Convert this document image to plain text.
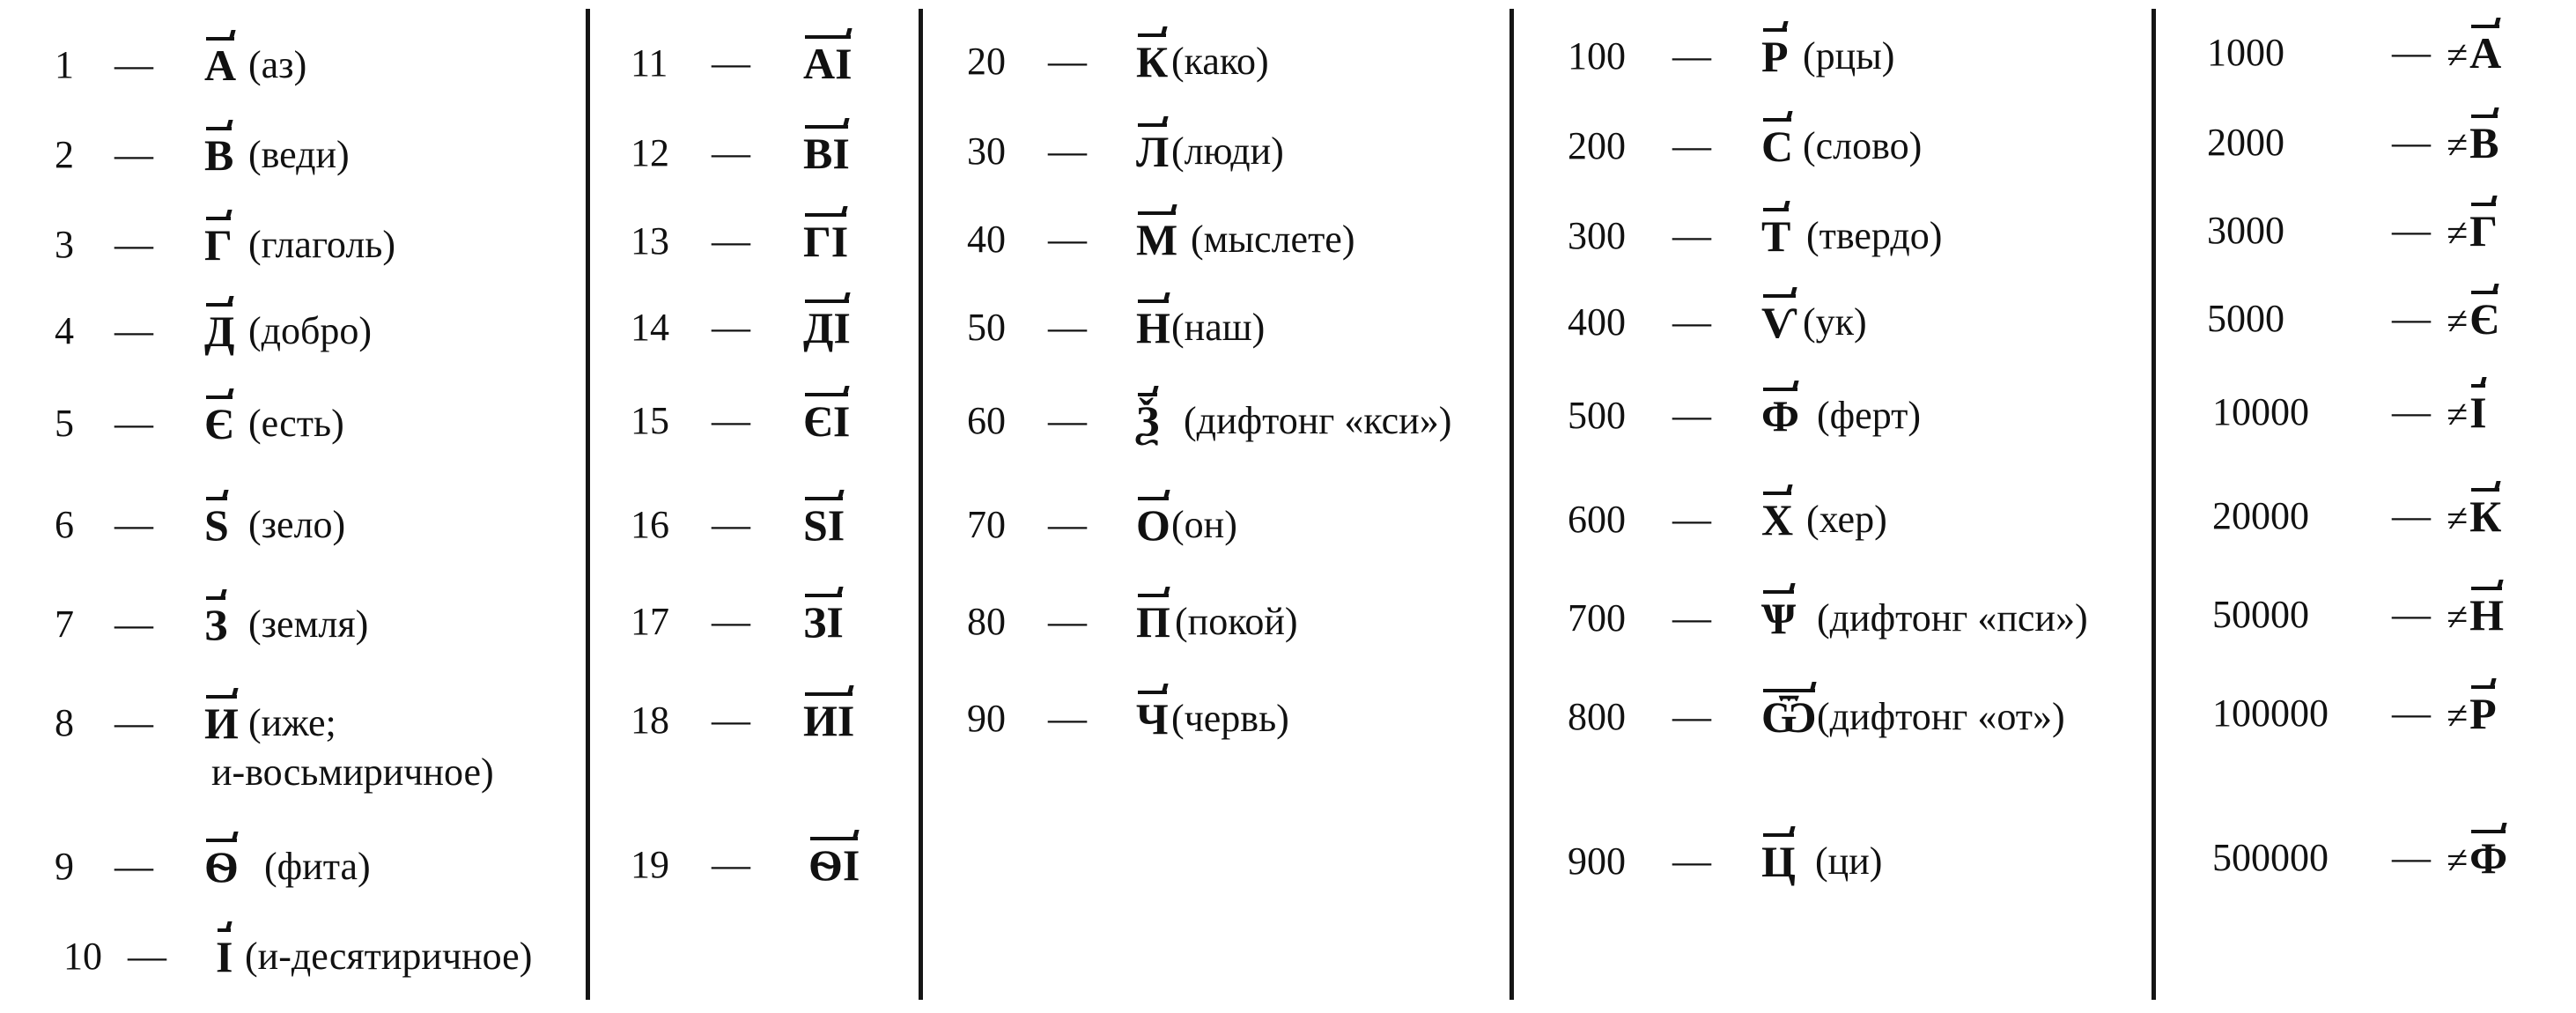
1 — А (аз)
2 — В (веди)
3 — Г (глаголь)
4 — Д (добро)
5 — Є (есть)
6 — S (зело)
7 — З (земля)
8 — И (иже;
и-восьмиричное)
9 — Ѳ (фита)
10 — І (и-десятиричное)
11 — АІ
12 — ВІ
13 — ГІ
14 — ДІ
15 — ЄІ
16 — SІ
17 — ЗІ
18 — ИІ
19 — ѲІ
20 — К (како)
30 — Л (люди)
40 — М (мыслете)
50 — Н (наш)
60 — Ѯ (дифтонг «кси»)
70 — О (он)
80 — П (покой)
90 — Ч (червь)
100 — Р (рцы)
200 — С (слово)
300 — Т (твердо)
400 — Ѵ (ук)
500 — Ф (ферт)
600 — Х (хер)
700 — Ѱ (дифтонг «пси»)
800 — Ѿ (дифтонг «от»)
900 — Ц (ци)
1000	— ≠А
2000	— ≠В
3000	— ≠Г
5000	— ≠Є
10000 — ≠І
20000 — ≠К
50000 — ≠Н
100000 — ≠Р
500000 — ≠Ф
